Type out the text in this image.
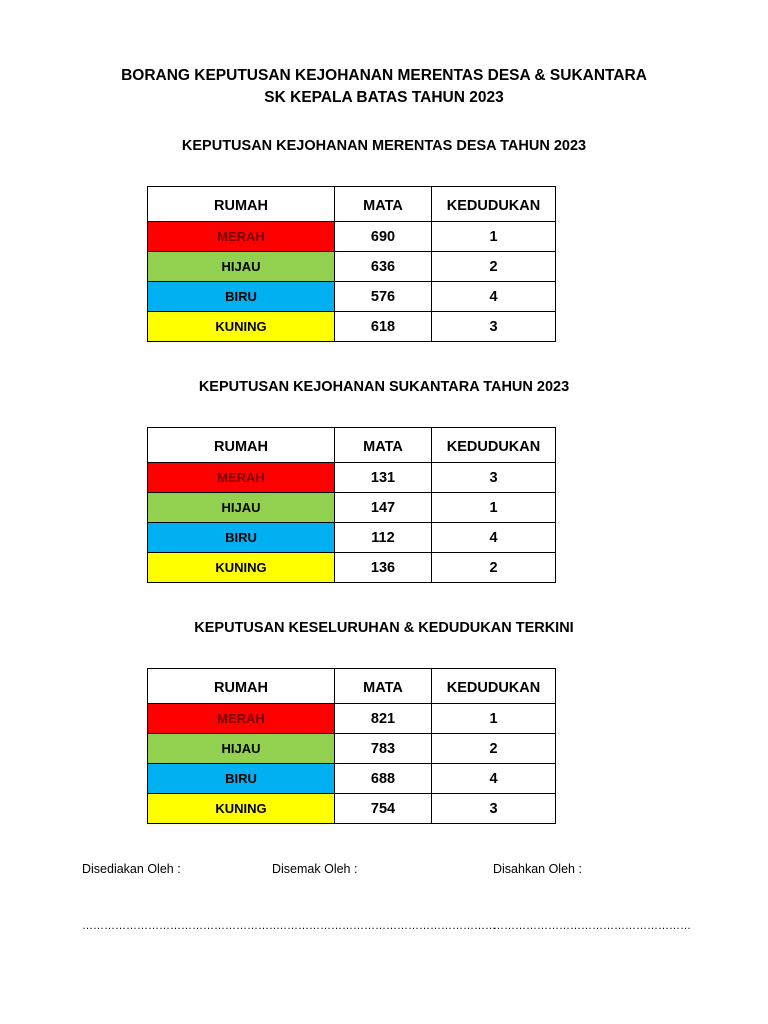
BORANG KEPUTUSAN KEJOHANAN MERENTAS DESA & SUKANTARA
SK KEPALA BATAS TAHUN 2023
KEPUTUSAN KEJOHANAN MERENTAS DESA TAHUN 2023
RUMAH	MATA	KEDUDUKAN
MERAH	690	1
HIJAU	636	2
BIRU	576	4
KUNING	618	3
KEPUTUSAN KEJOHANAN SUKANTARA TAHUN 2023
RUMAH	MATA	KEDUDUKAN
MERAH	131	3
HIJAU	147	1
BIRU	112	4
KUNING	136	2
KEPUTUSAN KESELURUHAN & KEDUDUKAN TERKINI
RUMAH	MATA	KEDUDUKAN
MERAH	821	1
HIJAU	783	2
BIRU	688	4
KUNING	754	3
Disediakan Oleh :	Disemak Oleh :	Disahkan Oleh :
………………………………………………
……………………………………………………
………………………………………………
